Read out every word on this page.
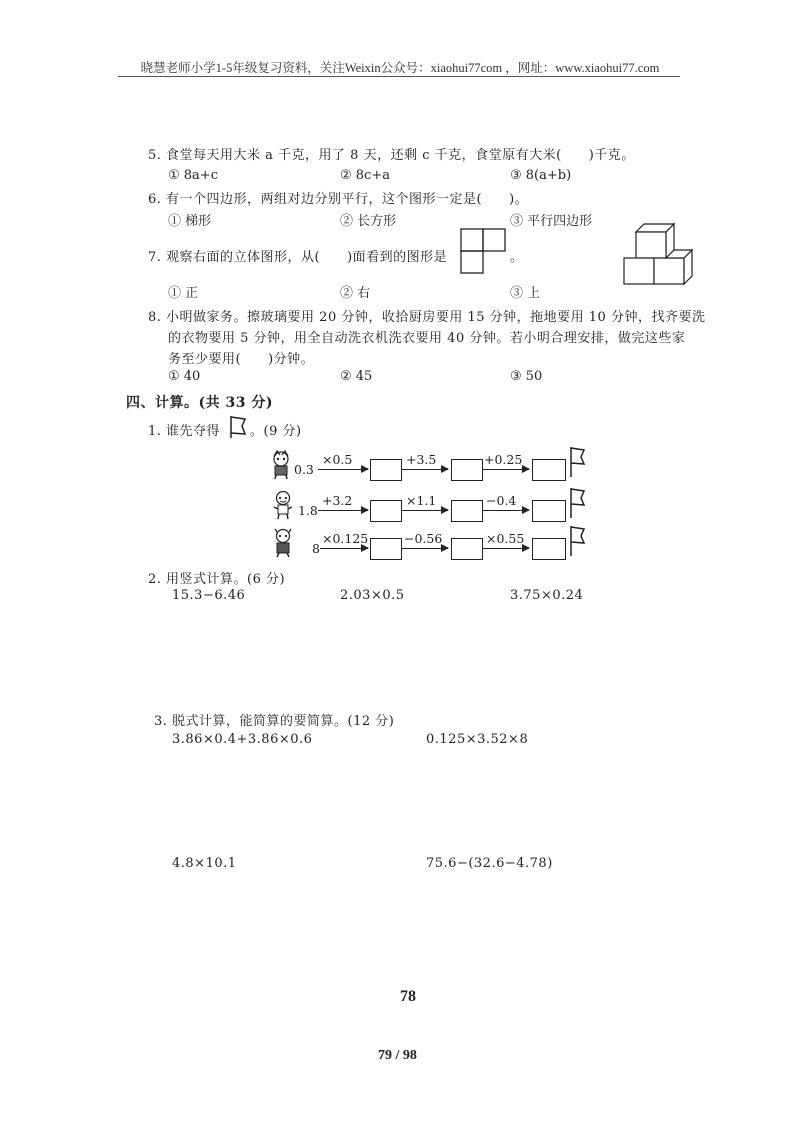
晓慧老师小学1-5年级复习资料，关注Weixin公众号：xiaohui77com ，网址：www.xiaohui77.com
5. 食堂每天用大米 a 千克，用了 8 天，还剩 c 千克，食堂原有大米(　　)千克。
① 8a+c	② 8c+a	③ 8(a+b)
6. 有一个四边形，两组对边分别平行，这个图形一定是(　　)。
① 梯形	② 长方形	③ 平行四边形
7. 观察右面的立体图形，从(　　)面看到的图形是	。
① 正	② 右	③ 上
8. 小明做家务。擦玻璃要用 20 分钟，收拾厨房要用 15 分钟，拖地要用 10 分钟，找齐要洗
的衣物要用 5 分钟，用全自动洗衣机洗衣要用 40 分钟。若小明合理安排，做完这些家
务至少要用(　　)分钟。
① 40	② 45	③ 50
四、计算。(共 33 分)
1. 谁先夺得 。(9 分)
0.3
×0.5	+3.5	+0.25
1.8
+3.2	×1.1	−0.4
8
×0.125	−0.56	×0.55
2. 用竖式计算。(6 分)
15.3−6.46	2.03×0.5	3.75×0.24
3. 脱式计算，能简算的要简算。(12 分)
3.86×0.4+3.86×0.6	0.125×3.52×8
4.8×10.1	75.6−(32.6−4.78)
78
79 / 98
